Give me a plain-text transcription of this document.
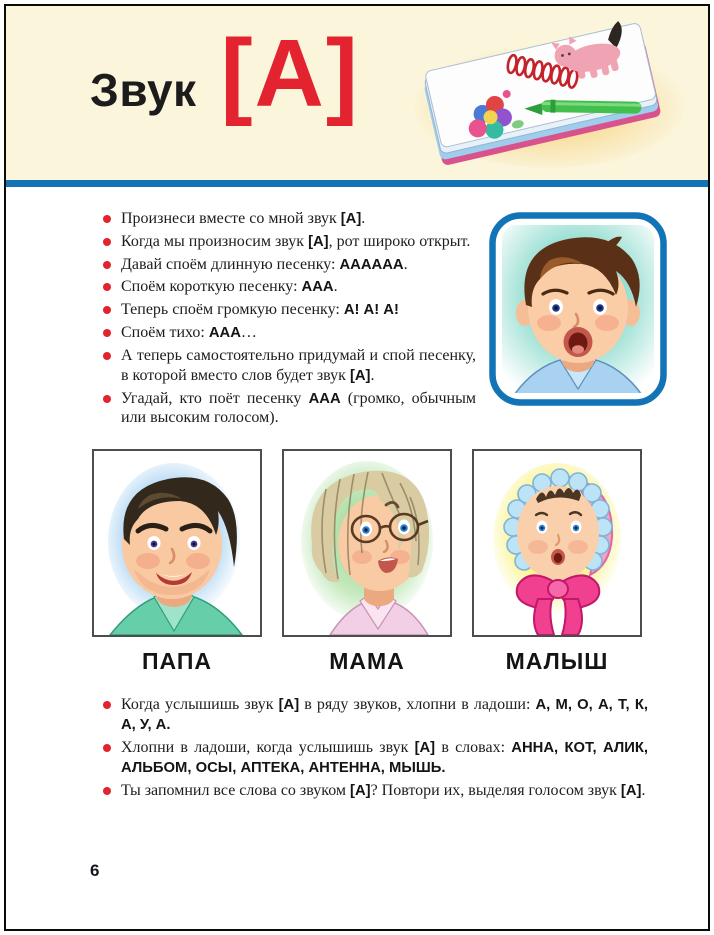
Звук [А]
Произнеси вместе со мной звук [А].
Когда мы произносим звук [А], рот широко открыт.
Давай споём длинную песенку: АААААА.
Споём короткую песенку: ААА.
Теперь споём громкую песенку: А! А! А!
Споём тихо: ААА…
А теперь самостоятельно придумай и спой песенку, в которой вместо слов будет звук [А].
Угадай, кто поёт песенку ААА (громко, обычным или высоким голосом).
ПАПА	МАМА	МАЛЫШ
Когда услышишь звук [А] в ряду звуков, хлопни в ладоши: А, М, О, А, Т, К, А, У, А.
Хлопни в ладоши, когда услышишь звук [А] в словах: АННА, КОТ, АЛИК, АЛЬБОМ, ОСЫ, АПТЕКА, АНТЕННА, МЫШЬ.
Ты запомнил все слова со звуком [А]? Повтори их, выделяя голосом звук [А].
6
